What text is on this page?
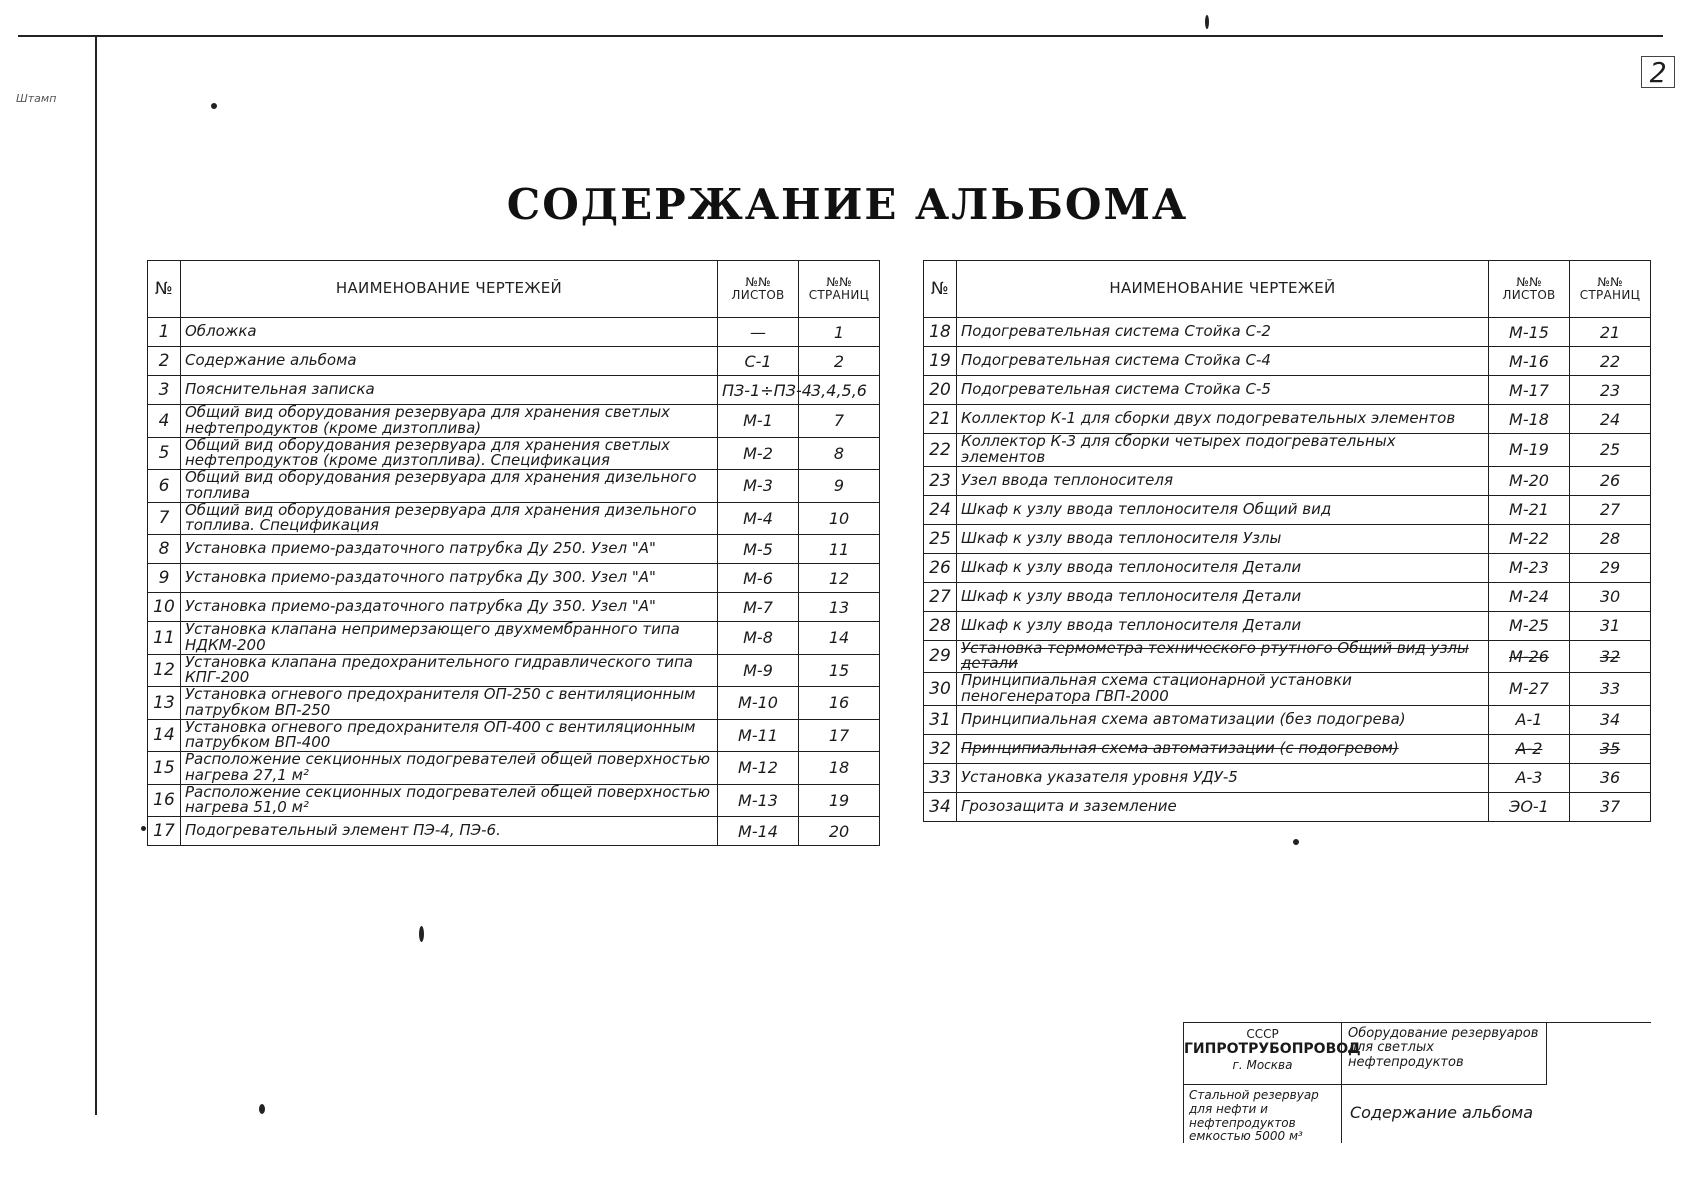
Штамп
2
СОДЕРЖАНИЕ АЛЬБОМА
№	НАИМЕНОВАНИЕ ЧЕРТЕЖЕЙ	№№ ЛИСТОВ	№№ СТРАНИЦ

1	Обложка	—	1
2	Содержание альбома	С-1	2
3	Пояснительная записка	ПЗ-1÷ПЗ-4	3,4,5,6
4	Общий вид оборудования резервуара для хранения светлых нефтепродуктов (кроме дизтоплива)	М-1	7
5	Общий вид оборудования резервуара для хранения светлых нефтепродуктов (кроме дизтоплива). Спецификация	М-2	8
6	Общий вид оборудования резервуара для хранения дизельного топлива	М-3	9
7	Общий вид оборудования резервуара для хранения дизельного топлива. Спецификация	М-4	10
8	Установка приемо-раздаточного патрубка Ду 250. Узел "А"	М-5	11
9	Установка приемо-раздаточного патрубка Ду 300. Узел "А"	М-6	12
10	Установка приемо-раздаточного патрубка Ду 350. Узел "А"	М-7	13
11	Установка клапана непримерзающего двухмембранного типа НДКМ-200	М-8	14
12	Установка клапана предохранительного гидравлического типа КПГ-200	М-9	15
13	Установка огневого предохранителя ОП-250 с вентиляционным патрубком ВП-250	М-10	16
14	Установка огневого предохранителя ОП-400 с вентиляционным патрубком ВП-400	М-11	17
15	Расположение секционных подогревателей общей поверхностью нагрева 27,1 м²	М-12	18
16	Расположение секционных подогревателей общей поверхностью нагрева 51,0 м²	М-13	19
17	Подогревательный элемент ПЭ-4, ПЭ-6.	М-14	20
№	НАИМЕНОВАНИЕ ЧЕРТЕЖЕЙ	№№ ЛИСТОВ	№№ СТРАНИЦ

18	Подогревательная система Стойка С-2	М-15	21
19	Подогревательная система Стойка С-4	М-16	22
20	Подогревательная система Стойка С-5	М-17	23
21	Коллектор К-1 для сборки двух подогревательных элементов	М-18	24
22	Коллектор К-3 для сборки четырех подогревательных элементов	М-19	25
23	Узел ввода теплоносителя	М-20	26
24	Шкаф к узлу ввода теплоносителя Общий вид	М-21	27
25	Шкаф к узлу ввода теплоносителя Узлы	М-22	28
26	Шкаф к узлу ввода теплоносителя Детали	М-23	29
27	Шкаф к узлу ввода теплоносителя Детали	М-24	30
28	Шкаф к узлу ввода теплоносителя Детали	М-25	31
29	Установка термометра технического ртутного Общий вид узлы детали	М-26	32
30	Принципиальная схема стационарной установки пеногенератора ГВП-2000	М-27	33
31	Принципиальная схема автоматизации (без подогрева)	А-1	34
32	Принципиальная схема автоматизации (с подогревом)	А-2	35
33	Установка указателя уровня УДУ-5	А-3	36
34	Грозозащита и заземление	ЭО-1	37
СССР
ГИПРОТРУБОПРОВОД
г. Москва
Оборудование резервуаров для светлых нефтепродуктов
Стальной резервуар для нефти и нефтепродуктов емкостью 5000 м³
Содержание альбома
